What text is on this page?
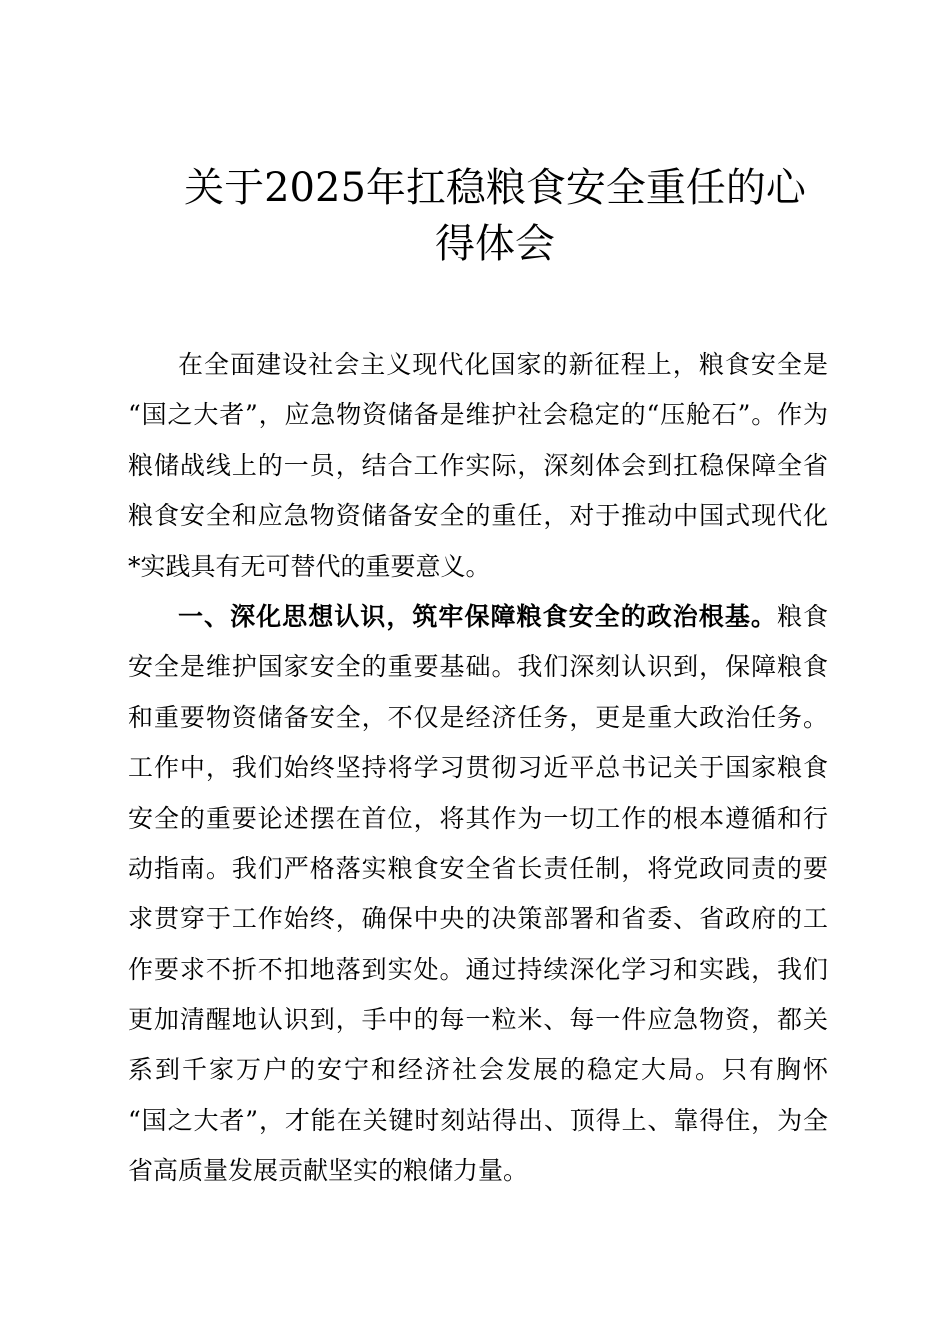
关于2025年扛稳粮食安全重任的心
得体会

在全面建设社会主义现代化国家的新征程上，粮食安全是
“国之大者”，应急物资储备是维护社会稳定的“压舱石”。作为
粮储战线上的一员，结合工作实际，深刻体会到扛稳保障全省
粮食安全和应急物资储备安全的重任，对于推动中国式现代化
*实践具有无可替代的重要意义。

一、深化思想认识，筑牢保障粮食安全的政治根基。粮食
安全是维护国家安全的重要基础。我们深刻认识到，保障粮食
和重要物资储备安全，不仅是经济任务，更是重大政治任务。
工作中，我们始终坚持将学习贯彻习近平总书记关于国家粮食
安全的重要论述摆在首位，将其作为一切工作的根本遵循和行
动指南。我们严格落实粮食安全省长责任制，将党政同责的要
求贯穿于工作始终，确保中央的决策部署和省委、省政府的工
作要求不折不扣地落到实处。通过持续深化学习和实践，我们
更加清醒地认识到，手中的每一粒米、每一件应急物资，都关
系到千家万户的安宁和经济社会发展的稳定大局。只有胸怀
“国之大者”，才能在关键时刻站得出、顶得上、靠得住，为全
省高质量发展贡献坚实的粮储力量。
